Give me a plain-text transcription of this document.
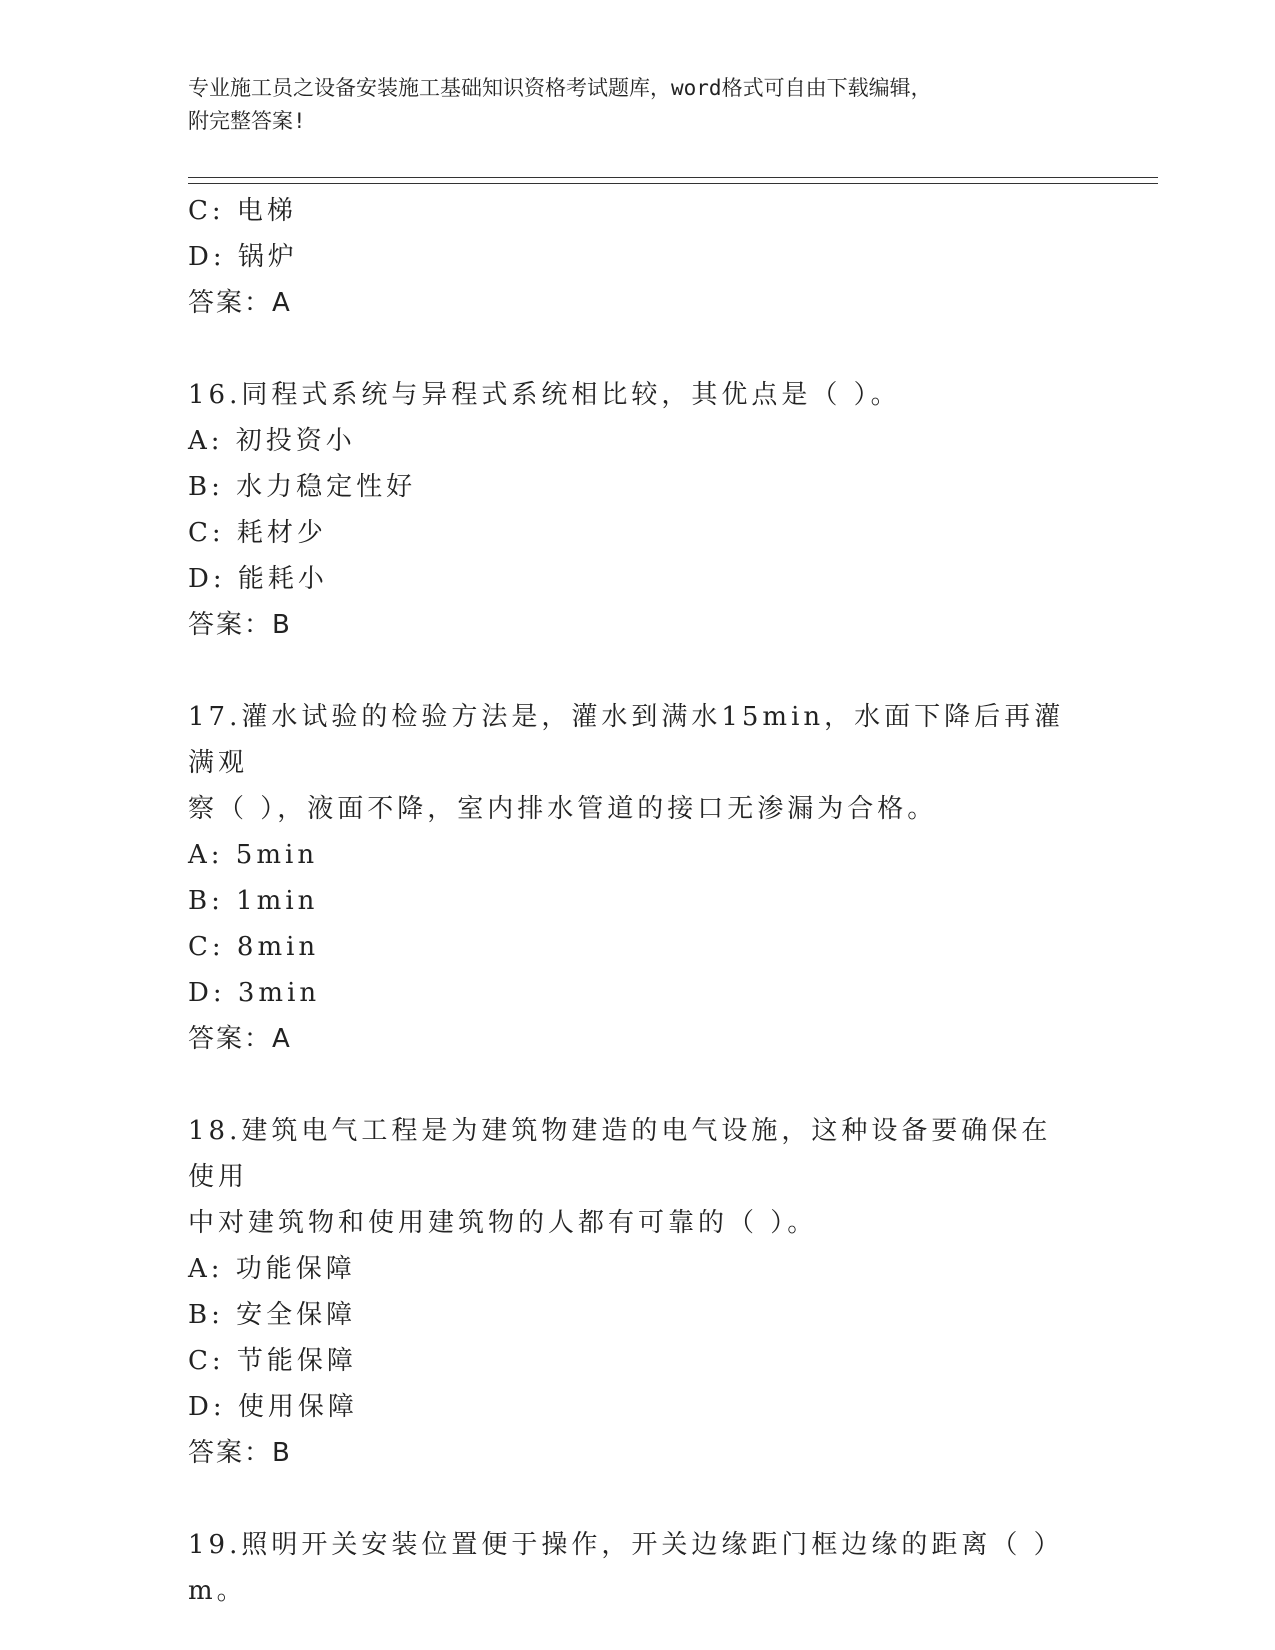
专业施工员之设备安装施工基础知识资格考试题库，word格式可自由下载编辑，
附完整答案!
C: 电梯
D: 锅炉
答案：A
16.同程式系统与异程式系统相比较，其优点是（ ）。
A: 初投资小
B: 水力稳定性好
C: 耗材少
D: 能耗小
答案：B
17.灌水试验的检验方法是，灌水到满水15min，水面下降后再灌满观
察（ ），液面不降，室内排水管道的接口无渗漏为合格。
A: 5min
B: 1min
C: 8min
D: 3min
答案：A
18.建筑电气工程是为建筑物建造的电气设施，这种设备要确保在使用
中对建筑物和使用建筑物的人都有可靠的（ ）。
A: 功能保障
B: 安全保障
C: 节能保障
D: 使用保障
答案：B
19.照明开关安装位置便于操作，开关边缘距门框边缘的距离（ ）m。
